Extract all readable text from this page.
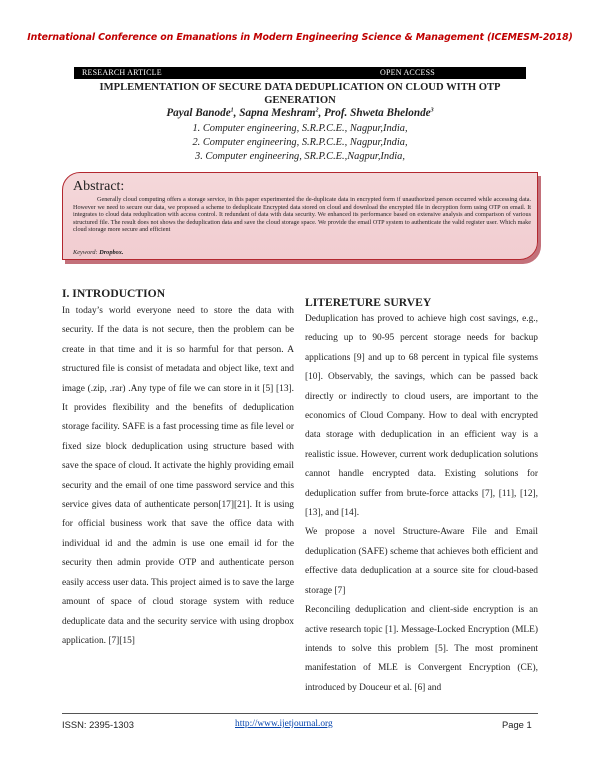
International Conference on Emanations in Modern Engineering Science & Management (ICEMESM-2018)
RESEARCH ARTICLE	OPEN ACCESS
IMPLEMENTATION OF SECURE DATA DEDUPLICATION ON CLOUD WITH OTP
GENERATION
Payal Banode$^1$, Sapna Meshram$^2$, Prof. Shweta Bhelonde$^3$
1. Computer engineering, S.R.P.C.E., Nagpur,India,
2. Computer engineering, S.R.P.C.E., Nagpur,India,
3. Computer engineering, SR.P.C.E.,Nagpur,India,
Abstract:
Generally cloud computing offers a storage service, in this paper experimented the de-duplicate data in encrypted form if unauthorized person occurred while accessing data. However we need to secure our data, we proposed a scheme to deduplicate Encrypted data stored on cloud and download the encrypted file in decryption form using OTP on email. It integrates to cloud data reduplication with access control. It redundant of data with data security. We enhanced its performance based on extensive analysis and comparison of various structured file. The result does not shows the deduplication data and save the cloud storage space. We provide the email OTP system to authenticate the valid register user. Which make cloud storage more secure and efficient
Keyword: Dropbox.
I. INTRODUCTION

In today’s world everyone need to store the data with security. If the data is not secure, then the problem can be create in that time and it is so harmful for that person. A structured file is consist of metadata and object like, text and image (.zip, .rar) .Any type of file we can store in it [5] [13]. It provides flexibility and the benefits of deduplication storage facility. SAFE is a fast processing time as file level or fixed size block deduplication using structure based with save the space of cloud. It activate the highly providing email security and the email of one time password service and this service gives data of authenticate person[17][21]. It is using for official business work that save the office data with individual id and the admin is use one email id for the security then admin provide OTP and authenticate person easily access user data. This project aimed is to save the large amount of space of cloud storage system with reduce deduplicate data and the security service with using dropbox application. [7][15]

LITERETURE SURVEY

Deduplication has proved to achieve high cost savings, e.g., reducing up to 90-95 percent storage needs for backup applications [9] and up to 68 percent in typical file systems [10]. Observably, the savings, which can be passed back directly or indirectly to cloud users, are important to the economics of Cloud Company. How to deal with encrypted data storage with deduplication in an efficient way is a realistic issue. However, current work deduplication solutions cannot handle encrypted data. Existing solutions for deduplication suffer from brute-force attacks [7], [11], [12], [13], and [14].

We propose a novel Structure-Aware File and Email deduplication (SAFE) scheme that achieves both efficient and effective data deduplication at a source site for cloud-based storage [7]

Reconciling deduplication and client-side encryption is an active research topic [1]. Message-Locked Encryption (MLE) intends to solve this problem [5]. The most prominent manifestation of MLE is Convergent Encryption (CE), introduced by Douceur et al. [6] and

ISSN: 2395-1303	http://www.ijetjournal.org	Page 1
